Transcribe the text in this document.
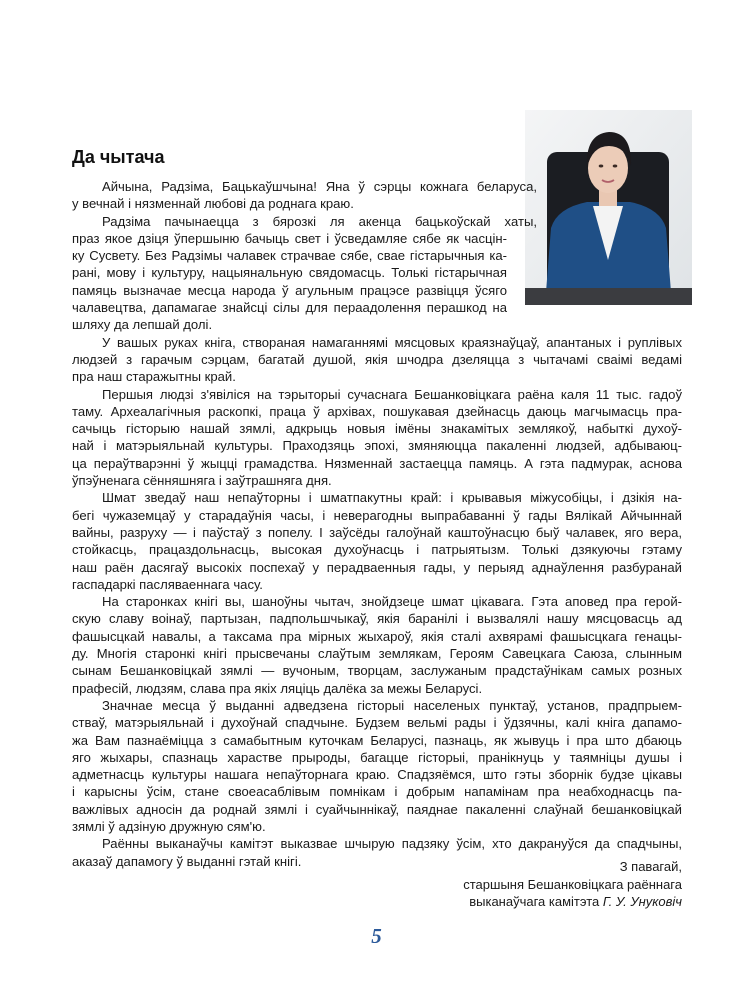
Да чытача
Айчына, Радзіма, Бацькаўшчына! Яна ў сэрцы кожнага беларуса,
у вечнай і нязменнай любові да роднага краю.
Радзіма пачынаецца з бярозкі ля акенца бацькоўскай хаты,
праз якое дзіця ўпершыню бачыць свет і ўсведамляе сябе як часцін-
ку Сусвету. Без Радзімы чалавек страчвае сябе, свае гістарычныя ка-
рані, мову і культуру, нацыянальную свядомасць. Толькі гістарычная
памяць вызначае месца народа ў агульным працэсе развіцця ўсяго
чалавецтва, дапамагае знайсці сілы для пераадолення перашкод на
шляху да лепшай долі.
У вашых руках кніга, створаная намаганнямі мясцовых краязнаўцаў, апантаных і руплівых
людзей з гарачым сэрцам, багатай душой, якія шчодра дзеляцца з чытачамі сваімі ведамі
пра наш старажытны край.
Першыя людзі з'явіліся на тэрыторыі сучаснага Бешанковіцкага раёна каля 11 тыс. гадоў
таму. Археалагічныя раскопкі, праца ў архівах, пошукавая дзейнасць даюць магчымасць пра-
сачыць гісторыю нашай зямлі, адкрыць новыя імёны знакамітых землякоў, набыткі духоў-
най і матэрыяльнай культуры. Праходзяць эпохі, змяняюцца пакаленні людзей, адбываюц-
ца пераўтварэнні ў жыцці грамадства. Нязменнай застаецца памяць. А гэта падмурак, аснова
ўпэўненага сённяшняга і заўтрашняга дня.
Шмат зведаў наш непаўторны і шматпакутны край: і крывавыя міжусобіцы, і дзікія на-
бегі чужаземцаў у старадаўнія часы, і неверагодны выпрабаванні ў гады Вялікай Айчыннай
вайны, разруху — і паўстаў з попелу. І заўсёды галоўнай каштоўнасцю быў чалавек, яго вера,
стойкасць, працаздольнасць, высокая духоўнасць і патрыятызм. Толькі дзякуючы гэтаму
наш раён дасягаў высокіх поспехаў у перадваенныя гады, у перыяд аднаўлення разбуранай
гаспадаркі пасляваеннага часу.
На старонках кнігі вы, шаноўны чытач, знойдзеце шмат цікавага. Гэта аповед пра герой-
скую славу воінаў, партызан, падпольшчыкаў, якія баранілі і вызвалялі нашу мясцовасць ад
фашысцкай навалы, а таксама пра мірных жыхароў, якія сталі ахвярамі фашысцкага генацы-
ду. Многія старонкі кнігі прысвечаны слаўтым землякам, Героям Савецкага Саюза, слынным
сынам Бешанковіцкай зямлі — вучоным, творцам, заслужаным прадстаўнікам самых розных
прафесій, людзям, слава пра якіх ляціць далёка за межы Беларусі.
Значнае месца ў выданні адведзена гісторыі населеных пунктаў, установ, прадпрыем-
стваў, матэрыяльнай і духоўнай спадчыне. Будзем вельмі рады і ўдзячны, калі кніга дапамо-
жа Вам пазнаёміцца з самабытным куточкам Беларусі, пазнаць, як жывуць і пра што дбаюць
яго жыхары, спазнаць харастве прыроды, багацце гісторыі, пранікнуць у таямніцы душы і
адметнасць культуры нашага непаўторнага краю. Спадзяёмся, што гэты зборнік будзе цікавы
і карысны ўсім, стане своеасаблівым помнікам і добрым напамінам пра неабходнасць па-
важлівых адносін да роднай зямлі і суайчыннікаў, паяднае пакаленні слаўнай бешанковіцкай
зямлі ў адзіную дружную сям'ю.
Раённы выканаўчы камітэт выказвае шчырую падзяку ўсім, хто дакрануўся да спадчыны,
аказаў дапамогу ў выданні гэтай кнігі.	З павагай,
старшыня Бешанковіцкага раённага
выканаўчага камітэта Г. У. Унуковіч
5
